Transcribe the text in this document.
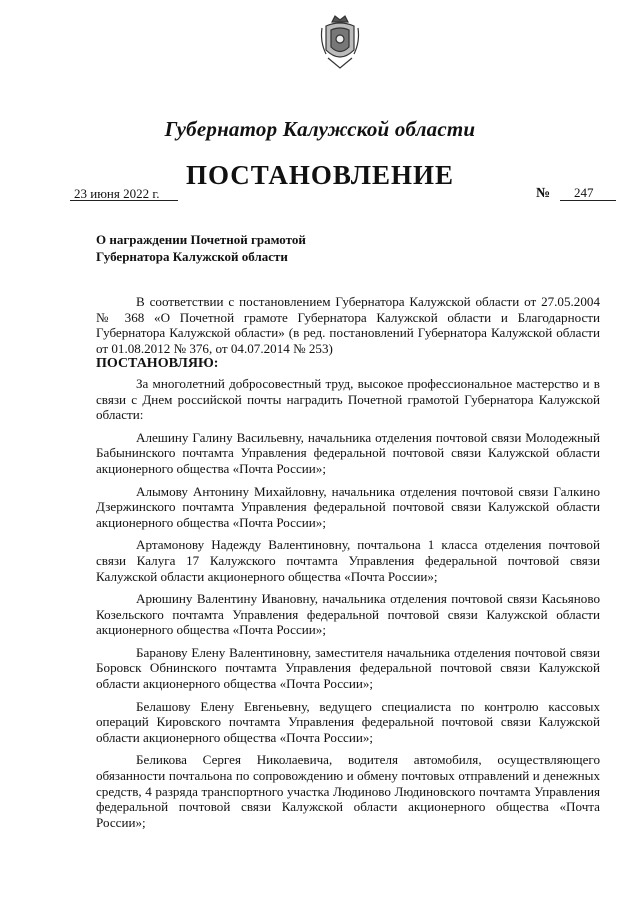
Губернатор Калужской области
ПОСТАНОВЛЕНИЕ
23 июня 2022 г.	№ 247
О награждении Почетной грамотой
Губернатора Калужской области

В соответствии с постановлением Губернатора Калужской области от 27.05.2004 № 368 «О Почетной грамоте Губернатора Калужской области и Благодарности Губернатора Калужской области» (в ред. постановлений Губернатора Калужской области от 01.08.2012 № 376, от 04.07.2014 № 253)

ПОСТАНОВЛЯЮ:

За многолетний добросовестный труд, высокое профессиональное мастерство и в связи с Днем российской почты наградить Почетной грамотой Губернатора Калужской области:

Алешину Галину Васильевну, начальника отделения почтовой связи Молодежный Бабынинского почтамта Управления федеральной почтовой связи Калужской области акционерного общества «Почта России»;

Алымову Антонину Михайловну, начальника отделения почтовой связи Галкино Дзержинского почтамта Управления федеральной почтовой связи Калужской области акционерного общества «Почта России»;

Артамонову Надежду Валентиновну, почтальона 1 класса отделения почтовой связи Калуга 17 Калужского почтамта Управления федеральной почтовой связи Калужской области акционерного общества «Почта России»;

Арюшину Валентину Ивановну, начальника отделения почтовой связи Касьяново Козельского почтамта Управления федеральной почтовой связи Калужской области акционерного общества «Почта России»;

Баранову Елену Валентиновну, заместителя начальника отделения почтовой связи Боровск Обнинского почтамта Управления федеральной почтовой связи Калужской области акционерного общества «Почта России»;

Белашову Елену Евгеньевну, ведущего специалиста по контролю кассовых операций Кировского почтамта Управления федеральной почтовой связи Калужской области акционерного общества «Почта России»;

Беликова Сергея Николаевича, водителя автомобиля, осуществляющего обязанности почтальона по сопровождению и обмену почтовых отправлений и денежных средств, 4 разряда транспортного участка Людиново Людиновского почтамта Управления федеральной почтовой связи Калужской области акционерного общества «Почта России»;
